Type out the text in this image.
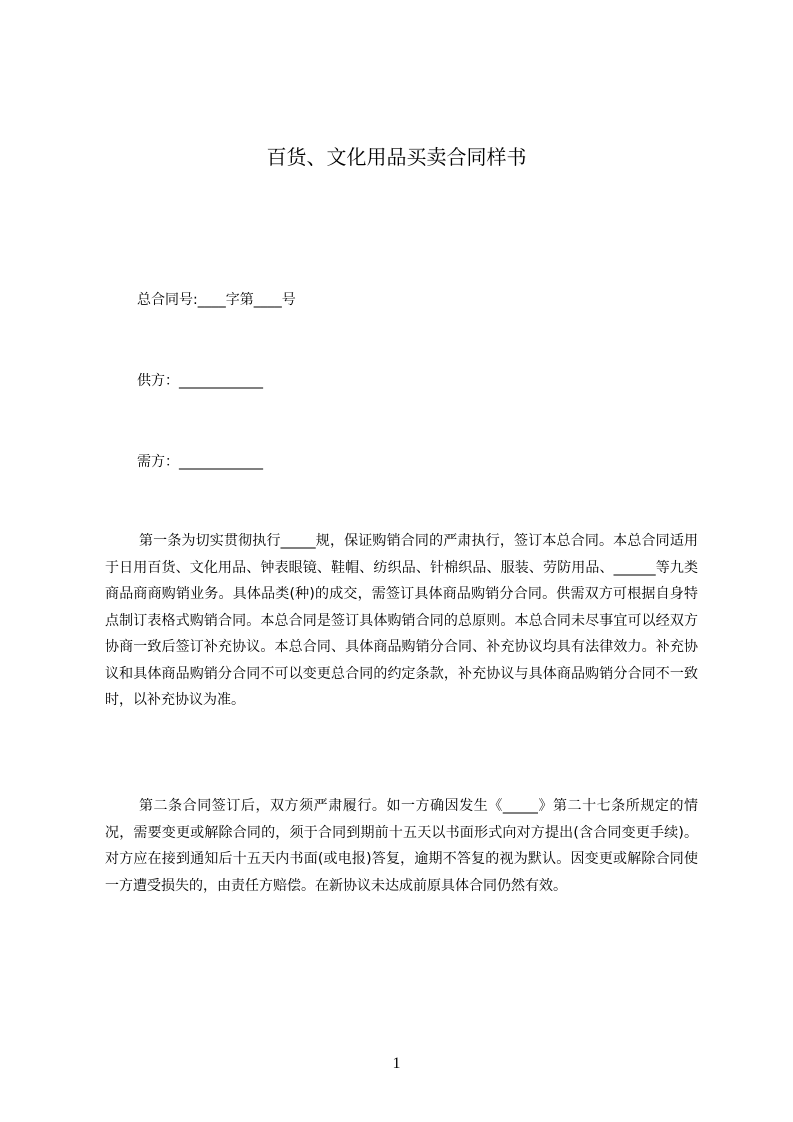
百货、文化用品买卖合同样书
总合同号:____字第____号
供方：____________
需方：____________

第一条为切实贯彻执行_____规，保证购销合同的严肃执行，签订本总合同。本总合同适用于日用百货、文化用品、钟表眼镜、鞋帽、纺织品、针棉织品、服装、劳防用品、______等九类商品商商购销业务。具体品类(种)的成交，需签订具体商品购销分合同。供需双方可根据自身特点制订表格式购销合同。本总合同是签订具体购销合同的总原则。本总合同未尽事宜可以经双方协商一致后签订补充协议。本总合同、具体商品购销分合同、补充协议均具有法律效力。补充协议和具体商品购销分合同不可以变更总合同的约定条款，补充协议与具体商品购销分合同不一致时，以补充协议为准。

第二条合同签订后，双方须严肃履行。如一方确因发生《_____》第二十七条所规定的情况，需要变更或解除合同的，须于合同到期前十五天以书面形式向对方提出(含合同变更手续)。对方应在接到通知后十五天内书面(或电报)答复，逾期不答复的视为默认。因变更或解除合同使一方遭受损失的，由责任方赔偿。在新协议未达成前原具体合同仍然有效。

1
